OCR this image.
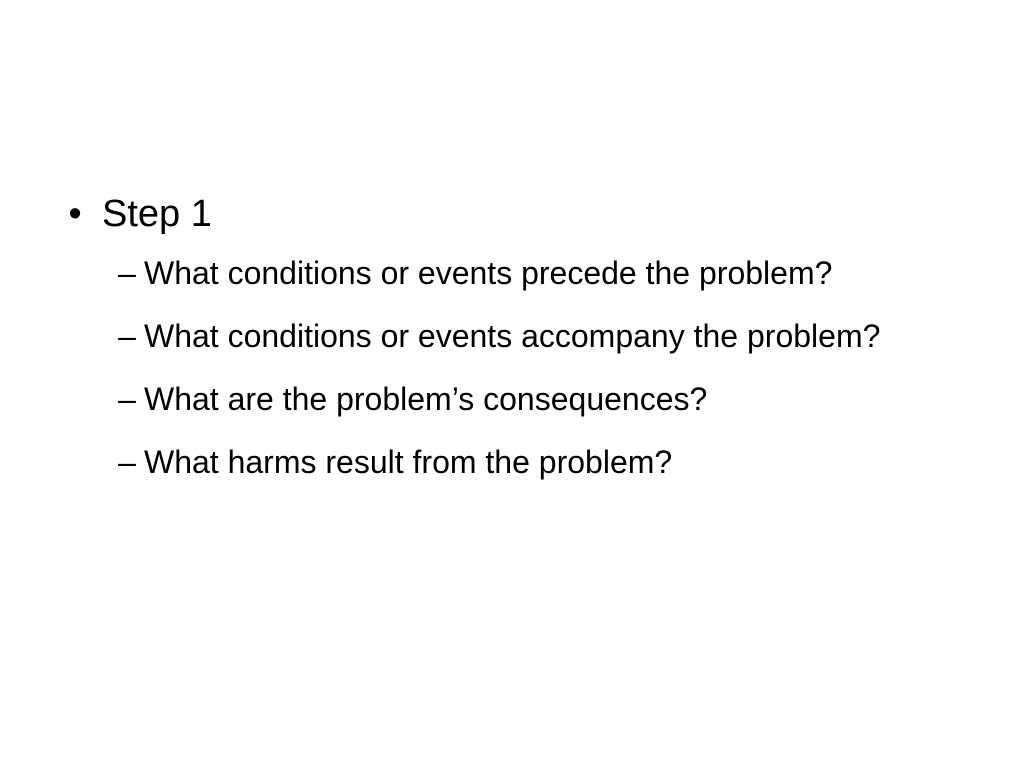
• Step 1
– What conditions or events precede the problem?
– What conditions or events accompany the problem?
– What are the problem’s consequences?
– What harms result from the problem?
